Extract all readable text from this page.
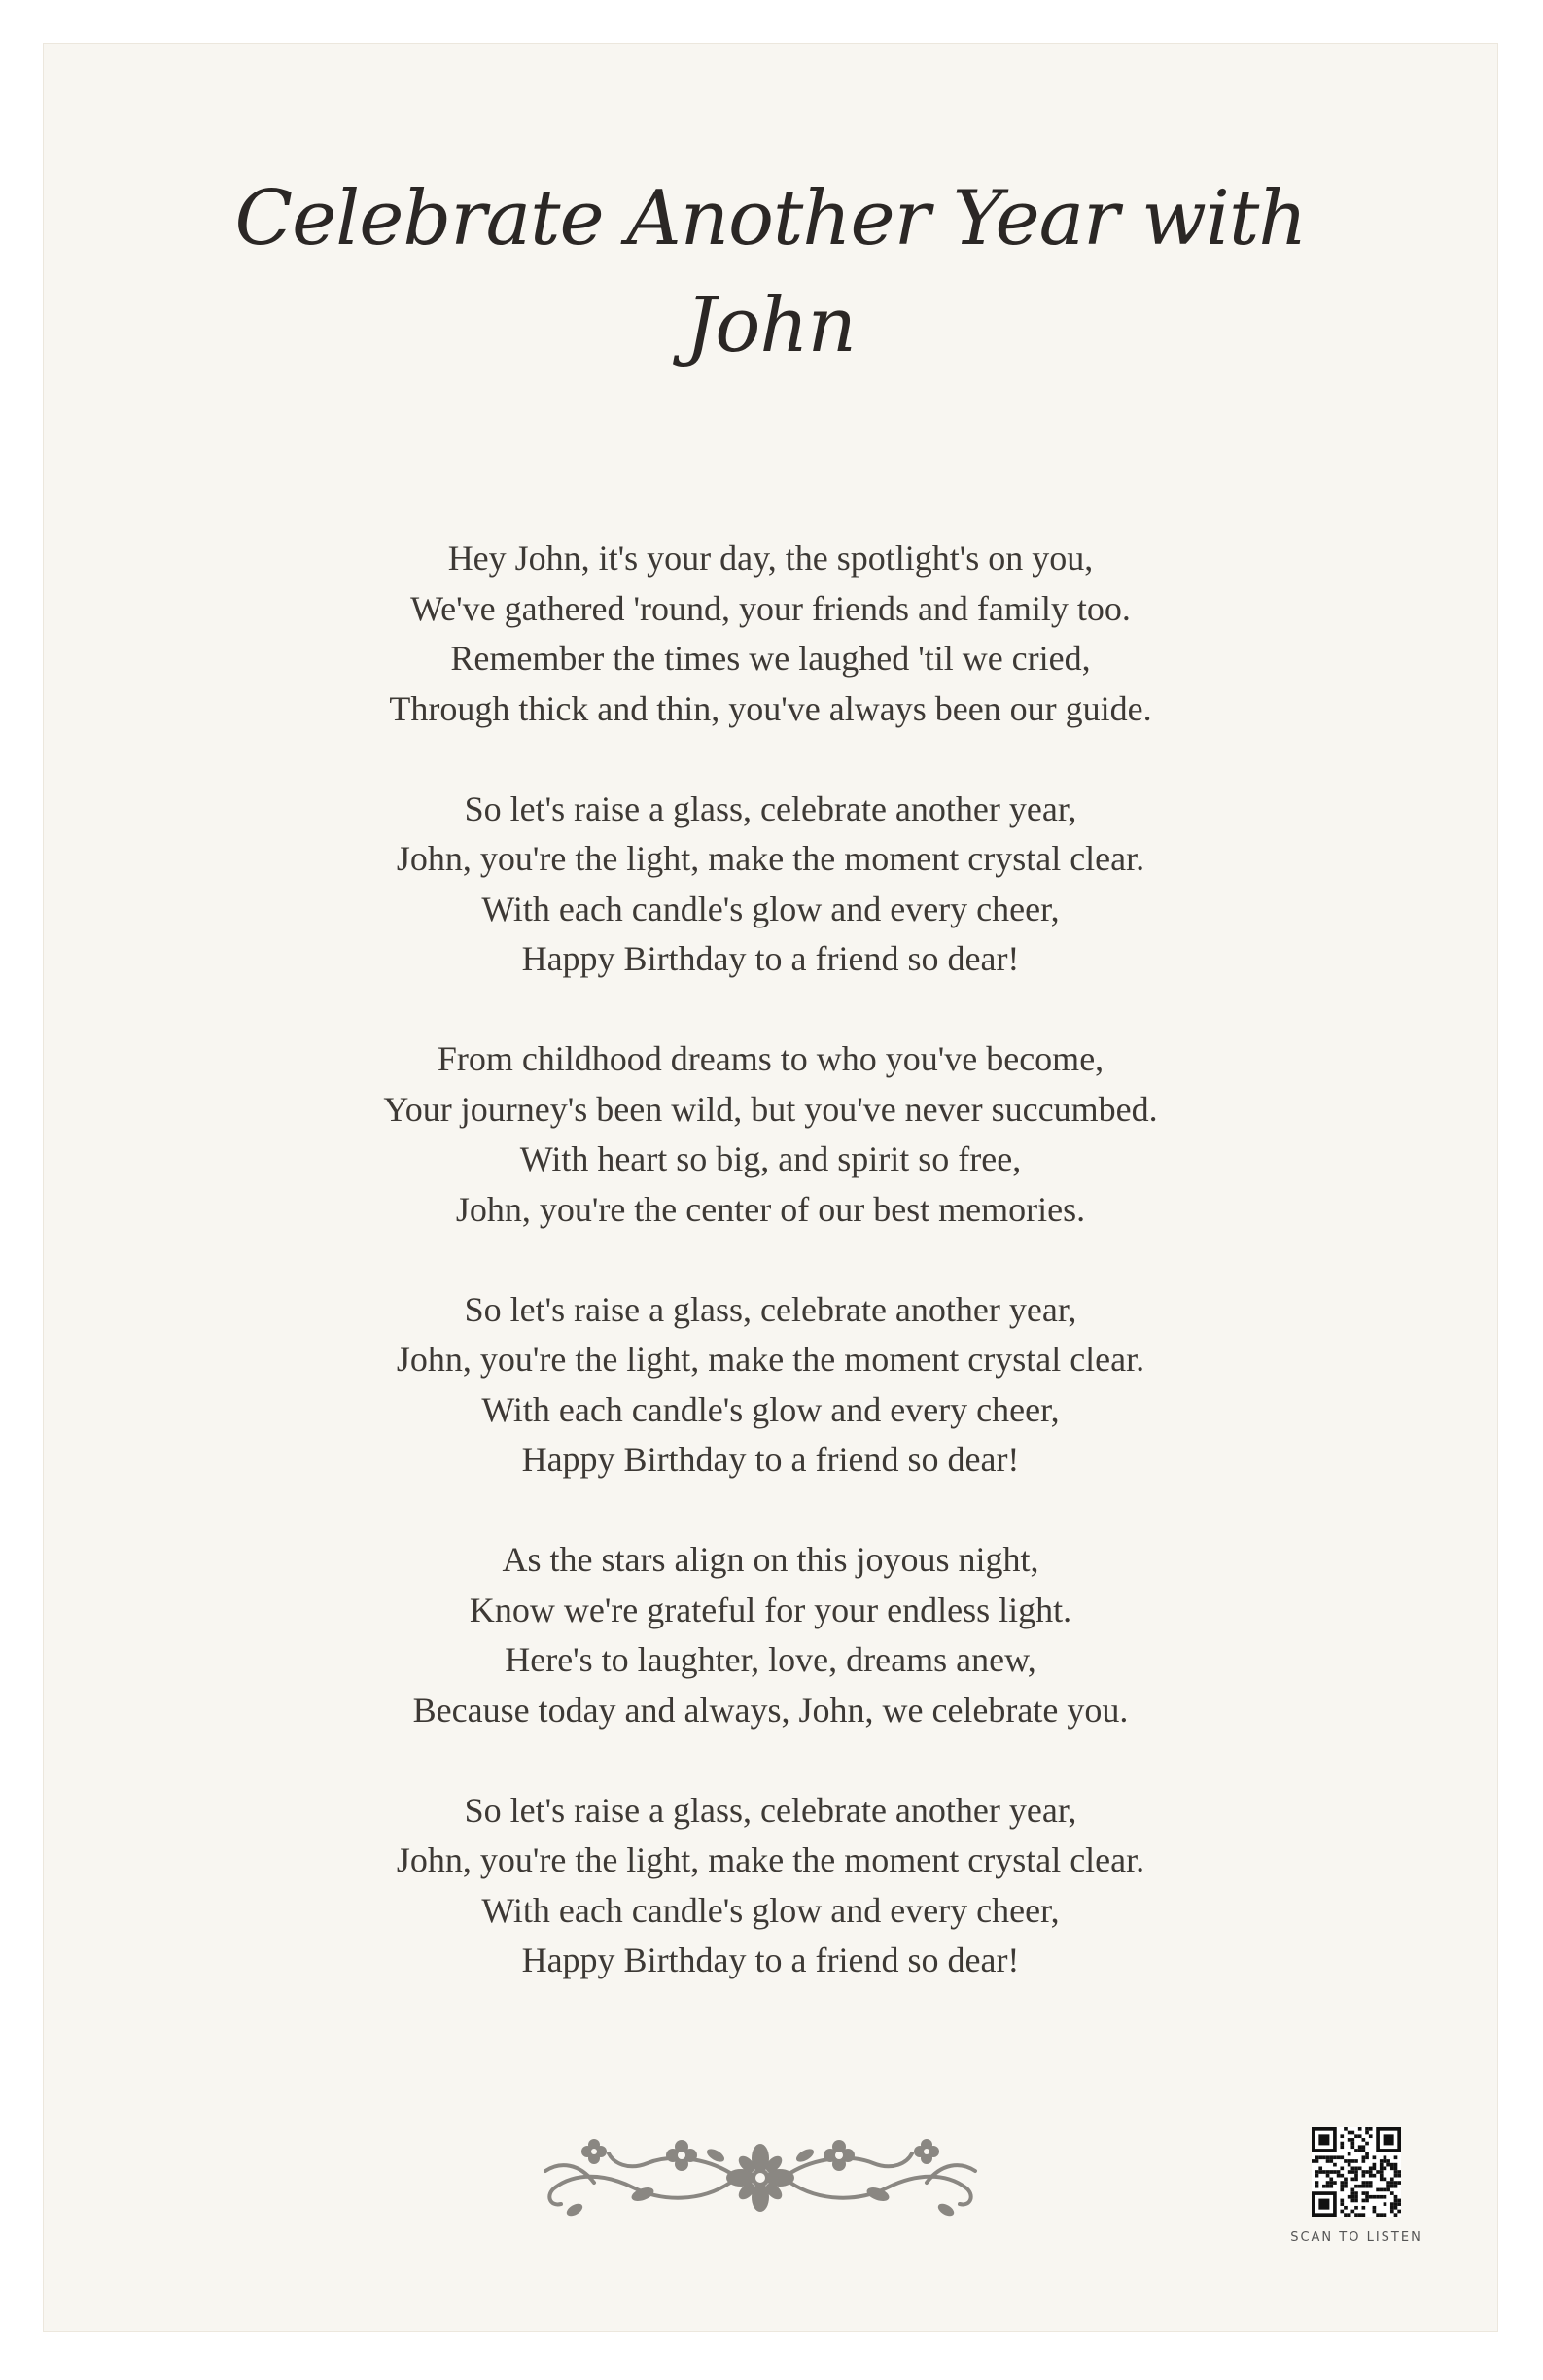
Celebrate Another Year with
John
Hey John, it's your day, the spotlight's on you,
We've gathered 'round, your friends and family too.
Remember the times we laughed 'til we cried,
Through thick and thin, you've always been our guide.
So let's raise a glass, celebrate another year,
John, you're the light, make the moment crystal clear.
With each candle's glow and every cheer,
Happy Birthday to a friend so dear!
From childhood dreams to who you've become,
Your journey's been wild, but you've never succumbed.
With heart so big, and spirit so free,
John, you're the center of our best memories.
So let's raise a glass, celebrate another year,
John, you're the light, make the moment crystal clear.
With each candle's glow and every cheer,
Happy Birthday to a friend so dear!
As the stars align on this joyous night,
Know we're grateful for your endless light.
Here's to laughter, love, dreams anew,
Because today and always, John, we celebrate you.
So let's raise a glass, celebrate another year,
John, you're the light, make the moment crystal clear.
With each candle's glow and every cheer,
Happy Birthday to a friend so dear!
SCAN TO LISTEN
